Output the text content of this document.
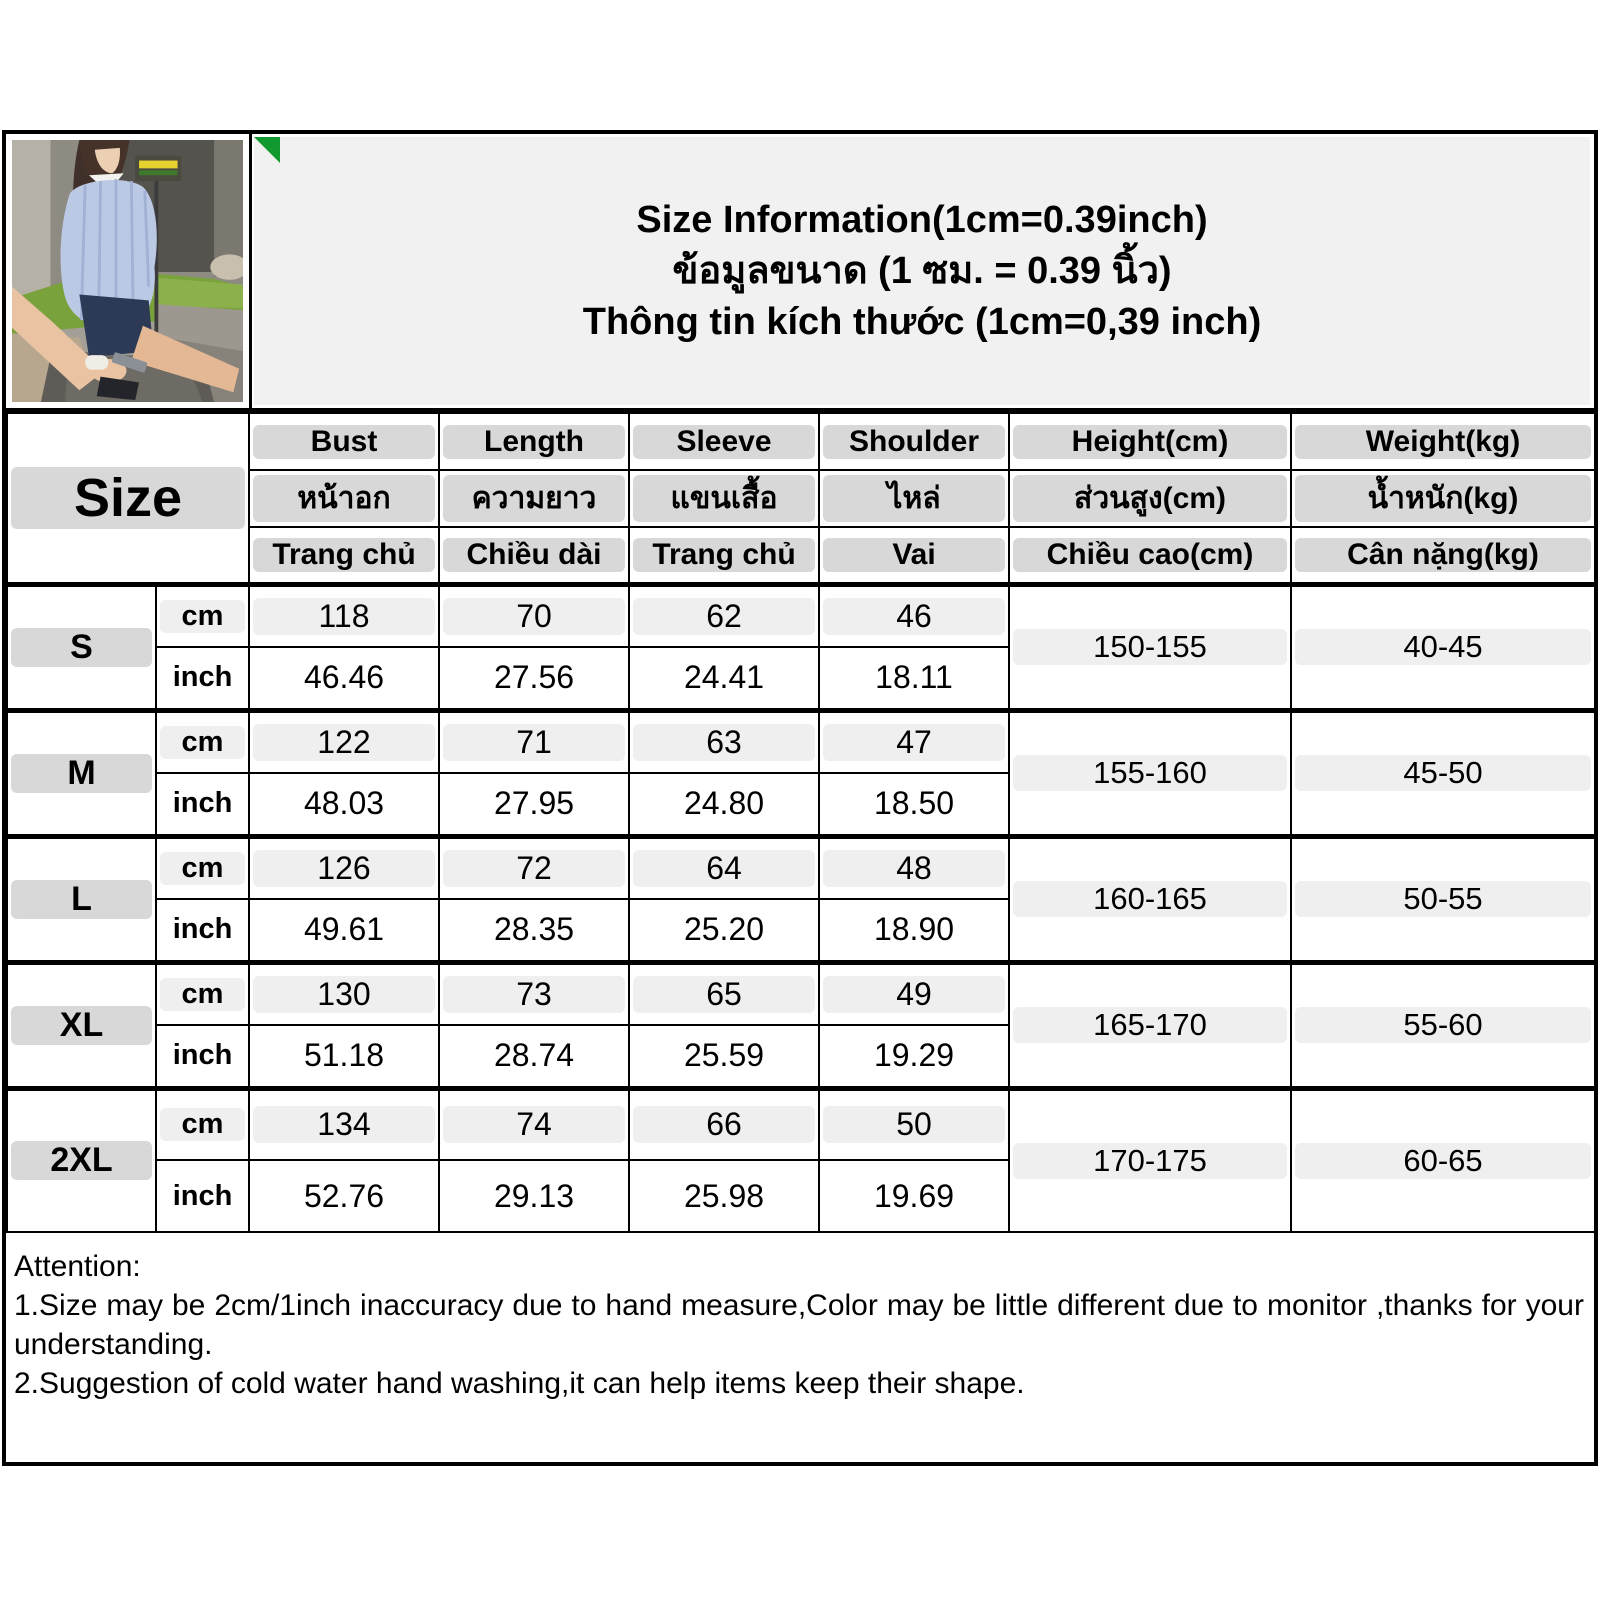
Size Information(1cm=0.39inch)
ข้อมูลขนาด (1 ซม. = 0.39 นิ้ว)
Thông tin kích thước (1cm=0,39 inch)
Size		Bust	Length	Sleeve	Shoulder	Height(cm)	Weight(kg)

หน้าอก	ความยาว	แขนเสื้อ	ไหล่	ส่วนสูง(cm)	น้ำหนัก(kg)

Trang chủ	Chiều dài	Trang chủ	Vai	Chiều cao(cm)	Cân nặng(kg)

S	cm	118	70	62	46	150-155	40-45

inch	46.46	27.56	24.41	18.11		

M	cm	122	71	63	47	155-160	45-50

inch	48.03	27.95	24.80	18.50		

L	cm	126	72	64	48	160-165	50-55

inch	49.61	28.35	25.20	18.90		

XL	cm	130	73	65	49	165-170	55-60

inch	51.18	28.74	25.59	19.29		

2XL	cm	134	74	66	50	170-175	60-65

inch	52.76	29.13	25.98	19.69		

Attention:

1.Size may be 2cm/1inch inaccuracy due to hand measure,Color may be little different due to monitor ,thanks for your understanding.

2.Suggestion of cold water hand washing,it can help items keep their shape.
